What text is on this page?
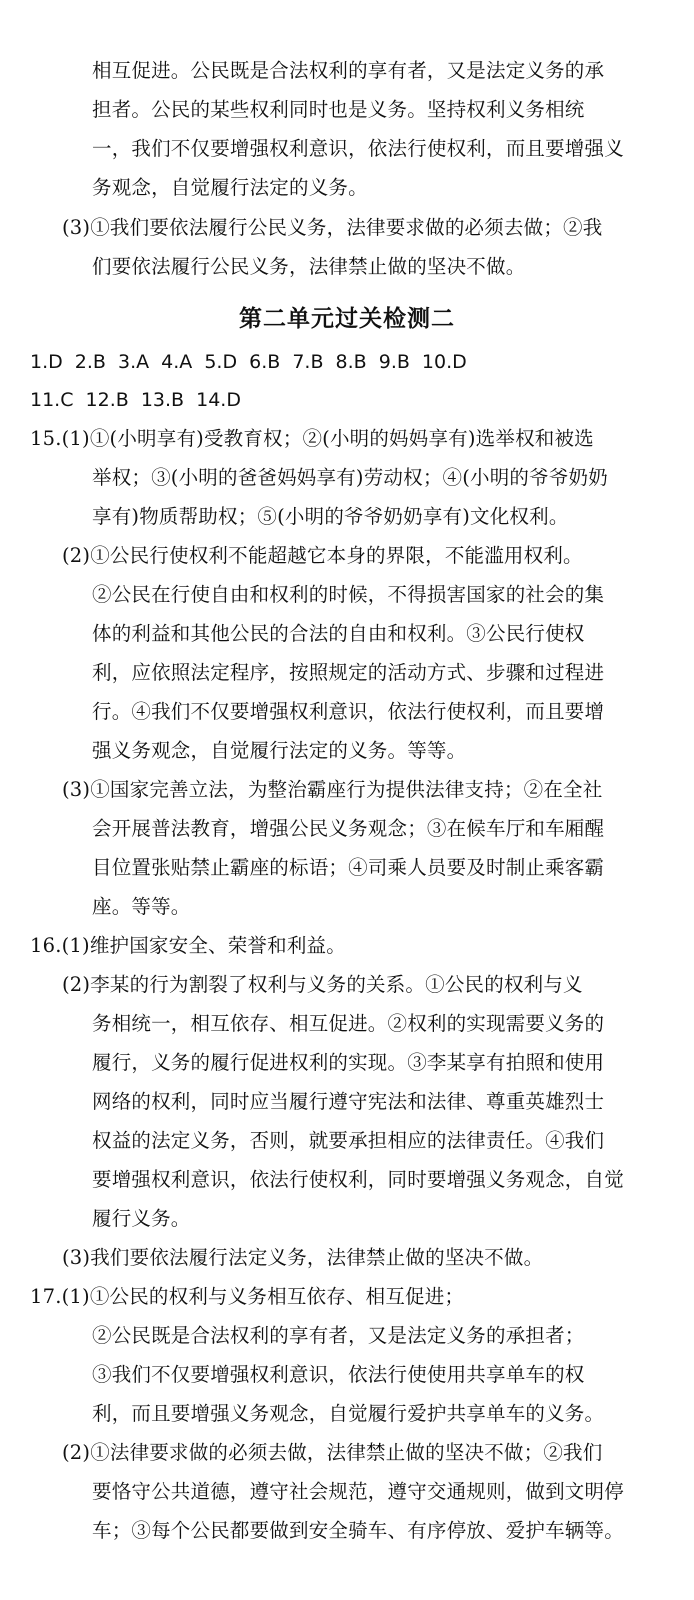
相互促进。公民既是合法权利的享有者，又是法定义务的承
担者。公民的某些权利同时也是义务。坚持权利义务相统
一，我们不仅要增强权利意识，依法行使权利，而且要增强义
务观念，自觉履行法定的义务。
(3)①我们要依法履行公民义务，法律要求做的必须去做；②我
们要依法履行公民义务，法律禁止做的坚决不做。
第二单元过关检测二
1.D 2.B 3.A 4.A 5.D 6.B 7.B 8.B 9.B 10.D
11.C 12.B 13.B 14.D
15.(1)①(小明享有)受教育权；②(小明的妈妈享有)选举权和被选
举权；③(小明的爸爸妈妈享有)劳动权；④(小明的爷爷奶奶
享有)物质帮助权；⑤(小明的爷爷奶奶享有)文化权利。
(2)①公民行使权利不能超越它本身的界限，不能滥用权利。
②公民在行使自由和权利的时候，不得损害国家的社会的集
体的利益和其他公民的合法的自由和权利。③公民行使权
利，应依照法定程序，按照规定的活动方式、步骤和过程进
行。④我们不仅要增强权利意识，依法行使权利，而且要增
强义务观念，自觉履行法定的义务。等等。
(3)①国家完善立法，为整治霸座行为提供法律支持；②在全社
会开展普法教育，增强公民义务观念；③在候车厅和车厢醒
目位置张贴禁止霸座的标语；④司乘人员要及时制止乘客霸
座。等等。
16.(1)维护国家安全、荣誉和利益。
(2)李某的行为割裂了权利与义务的关系。①公民的权利与义
务相统一，相互依存、相互促进。②权利的实现需要义务的
履行，义务的履行促进权利的实现。③李某享有拍照和使用
网络的权利，同时应当履行遵守宪法和法律、尊重英雄烈士
权益的法定义务，否则，就要承担相应的法律责任。④我们
要增强权利意识，依法行使权利，同时要增强义务观念，自觉
履行义务。
(3)我们要依法履行法定义务，法律禁止做的坚决不做。
17.(1)①公民的权利与义务相互依存、相互促进；
②公民既是合法权利的享有者，又是法定义务的承担者；
③我们不仅要增强权利意识，依法行使使用共享单车的权
利，而且要增强义务观念，自觉履行爱护共享单车的义务。
(2)①法律要求做的必须去做，法律禁止做的坚决不做；②我们
要恪守公共道德，遵守社会规范，遵守交通规则，做到文明停
车；③每个公民都要做到安全骑车、有序停放、爱护车辆等。
